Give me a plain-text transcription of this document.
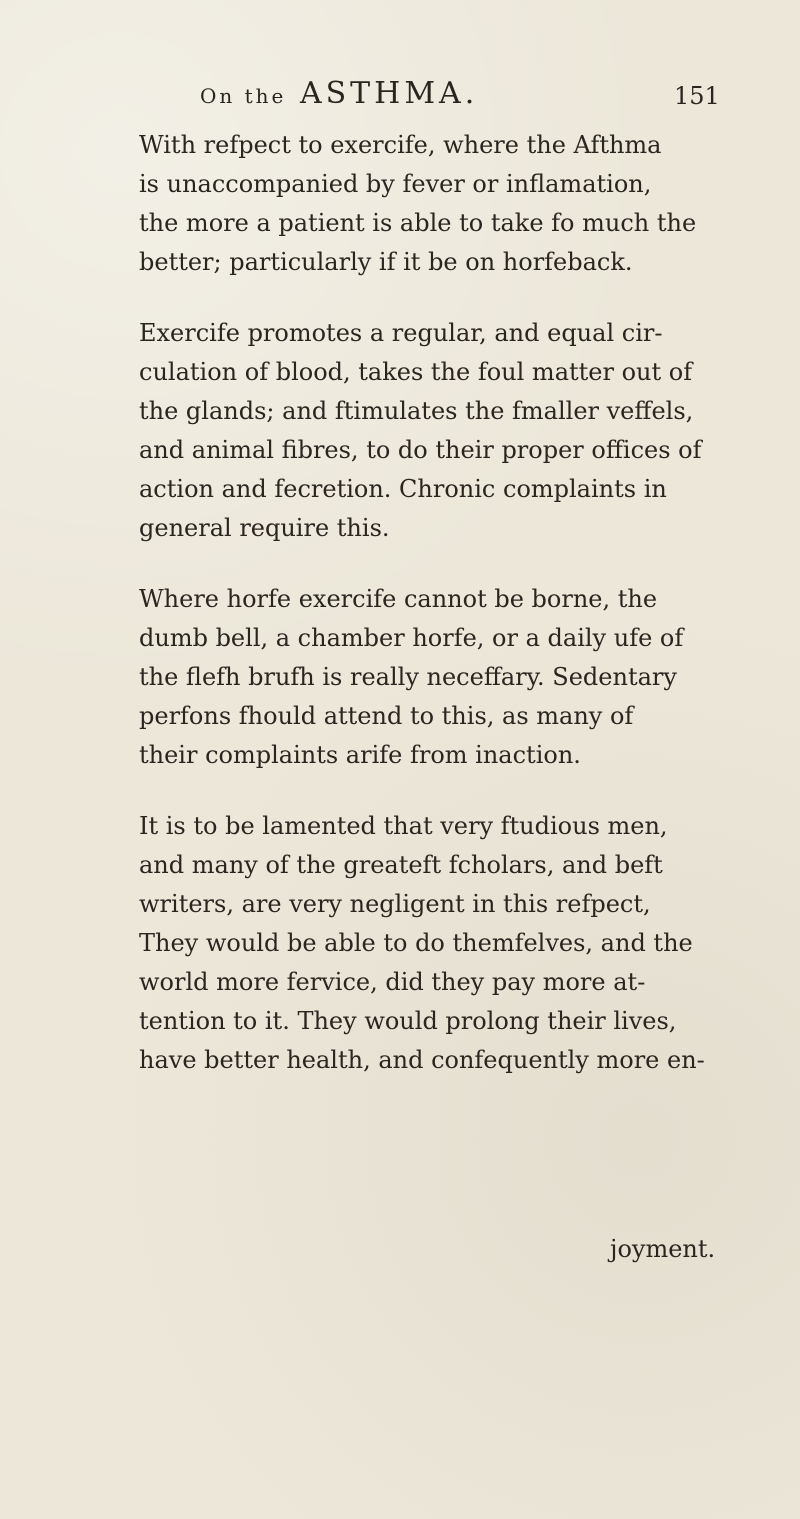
On the ASTHMA.	151

With refpect to exercife, where the Afthma
is unaccompanied by fever or inflamation,
the more a patient is able to take fo much the
better; particularly if it be on horfeback.

Exercife promotes a regular, and equal cir-
culation of blood, takes the foul matter out of
the glands; and ftimulates the fmaller veffels,
and animal fibres, to do their proper offices of
action and fecretion. Chronic complaints in
general require this.

Where horfe exercife cannot be borne, the
dumb bell, a chamber horfe, or a daily ufe of
the flefh brufh is really neceffary. Sedentary
perfons fhould attend to this, as many of
their complaints arife from inaction.

It is to be lamented that very ftudious men,
and many of the greateft fcholars, and beft
writers, are very negligent in this refpect,
They would be able to do themfelves, and the
world more fervice, did they pay more at-
tention to it. They would prolong their lives,
have better health, and confequently more en-

joyment.
